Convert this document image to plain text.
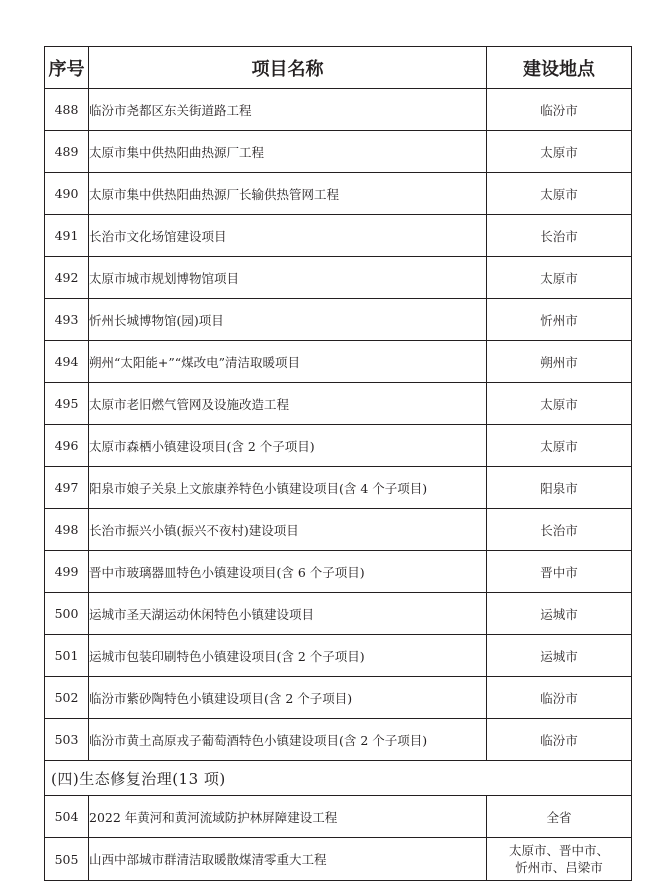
序号	项目名称	建设地点
488	临汾市尧都区东关街道路工程	临汾市
489	太原市集中供热阳曲热源厂工程	太原市
490	太原市集中供热阳曲热源厂长输供热管网工程	太原市
491	长治市文化场馆建设项目	长治市
492	太原市城市规划博物馆项目	太原市
493	忻州长城博物馆(园)项目	忻州市
494	朔州“太阳能+”“煤改电”清洁取暖项目	朔州市
495	太原市老旧燃气管网及设施改造工程	太原市
496	太原市森栖小镇建设项目(含 2 个子项目)	太原市
497	阳泉市娘子关泉上文旅康养特色小镇建设项目(含 4 个子项目)	阳泉市
498	长治市振兴小镇(振兴不夜村)建设项目	长治市
499	晋中市玻璃器皿特色小镇建设项目(含 6 个子项目)	晋中市
500	运城市圣天湖运动休闲特色小镇建设项目	运城市
501	运城市包装印刷特色小镇建设项目(含 2 个子项目)	运城市
502	临汾市紫砂陶特色小镇建设项目(含 2 个子项目)	临汾市
503	临汾市黄土高原戎子葡萄酒特色小镇建设项目(含 2 个子项目)	临汾市
(四)生态修复治理(13 项)		
504	2022 年黄河和黄河流域防护林屏障建设工程	全省
505	山西中部城市群清洁取暖散煤清零重大工程	太原市、晋中市、
忻州市、吕梁市
